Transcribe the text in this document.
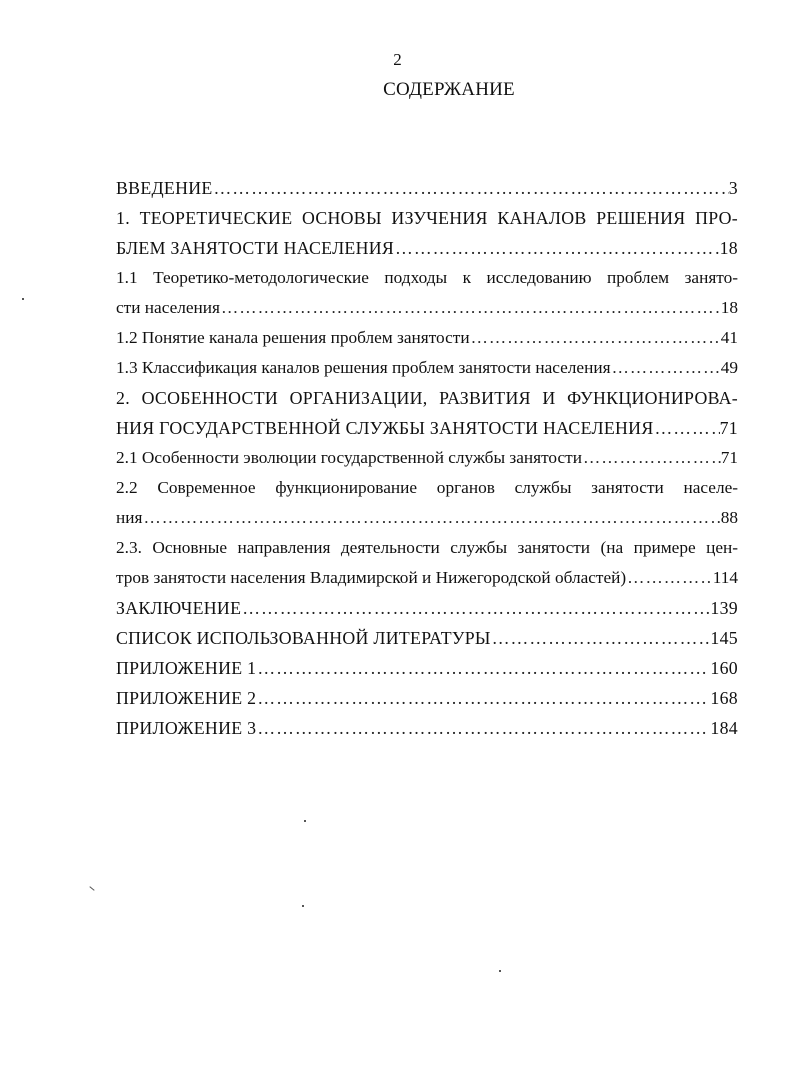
2
СОДЕРЖАНИЕ
ВВЕДЕНИЕ …………………………………………………………………………………………………………………………………………………	3
1. ТЕОРЕТИЧЕСКИЕ ОСНОВЫ ИЗУЧЕНИЯ КАНАЛОВ РЕШЕНИЯ ПРО-
БЛЕМ ЗАНЯТОСТИ НАСЕЛЕНИЯ …………………………………………………………………………………………………………………………………………………	18
1.1 Теоретико-методологические подходы к исследованию проблем занято-
сти населения …………………………………………………………………………………………………………………………………………………	18
1.2 Понятие канала решения проблем занятости …………………………………………………………………………………………………………………………………………………	41
1.3 Классификация каналов решения проблем занятости населения …………………………………………………………………………………………………………………………………………………	49
2. ОСОБЕННОСТИ ОРГАНИЗАЦИИ, РАЗВИТИЯ И ФУНКЦИОНИРОВА-
НИЯ ГОСУДАРСТВЕННОЙ СЛУЖБЫ ЗАНЯТОСТИ НАСЕЛЕНИЯ …………………………………………………………………………………………………………………………………………………	71
2.1 Особенности эволюции государственной службы занятости …………………………………………………………………………………………………………………………………………………	71
2.2 Современное функционирование органов службы занятости населе-
ния …………………………………………………………………………………………………………………………………………………	88
2.3. Основные направления деятельности службы занятости (на примере цен-
тров занятости населения Владимирской и Нижегородской областей) …………………………………………………………………………………………………………………………………………………	114
ЗАКЛЮЧЕНИЕ …………………………………………………………………………………………………………………………………………………	139
СПИСОК ИСПОЛЬЗОВАННОЙ ЛИТЕРАТУРЫ …………………………………………………………………………………………………………………………………………………	145
ПРИЛОЖЕНИЕ 1 …………………………………………………………………………………………………………………………………………………	160
ПРИЛОЖЕНИЕ 2 …………………………………………………………………………………………………………………………………………………	168
ПРИЛОЖЕНИЕ 3 …………………………………………………………………………………………………………………………………………………	184
